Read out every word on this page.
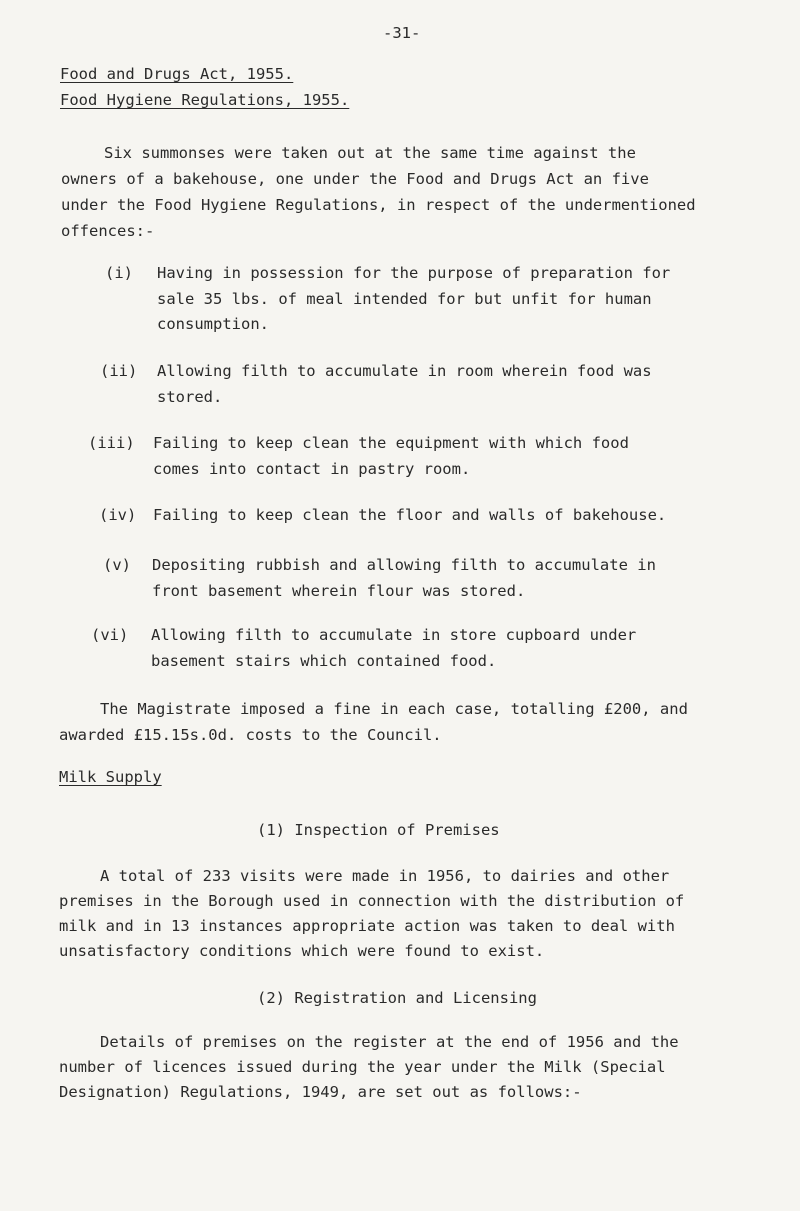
-31-
Food and Drugs Act, 1955.
Food Hygiene Regulations, 1955.
Six summonses were taken out at the same time against the
owners of a bakehouse, one under the Food and Drugs Act an five
under the Food Hygiene Regulations, in respect of the undermentioned
offences:-
(i) Having in possession for the purpose of preparation for
sale 35 lbs. of meal intended for but unfit for human
consumption.
(ii) Allowing filth to accumulate in room wherein food was
stored.
(iii) Failing to keep clean the equipment with which food
comes into contact in pastry room.
(iv) Failing to keep clean the floor and walls of bakehouse.
(v) Depositing rubbish and allowing filth to accumulate in
front basement wherein flour was stored.
(vi) Allowing filth to accumulate in store cupboard under
basement stairs which contained food.
The Magistrate imposed a fine in each case, totalling £200, and
awarded £15.15s.0d. costs to the Council.
Milk Supply
(1) Inspection of Premises
A total of 233 visits were made in 1956, to dairies and other
premises in the Borough used in connection with the distribution of
milk and in 13 instances appropriate action was taken to deal with
unsatisfactory conditions which were found to exist.
(2) Registration and Licensing
Details of premises on the register at the end of 1956 and the
number of licences issued during the year under the Milk (Special
Designation) Regulations, 1949, are set out as follows:-
